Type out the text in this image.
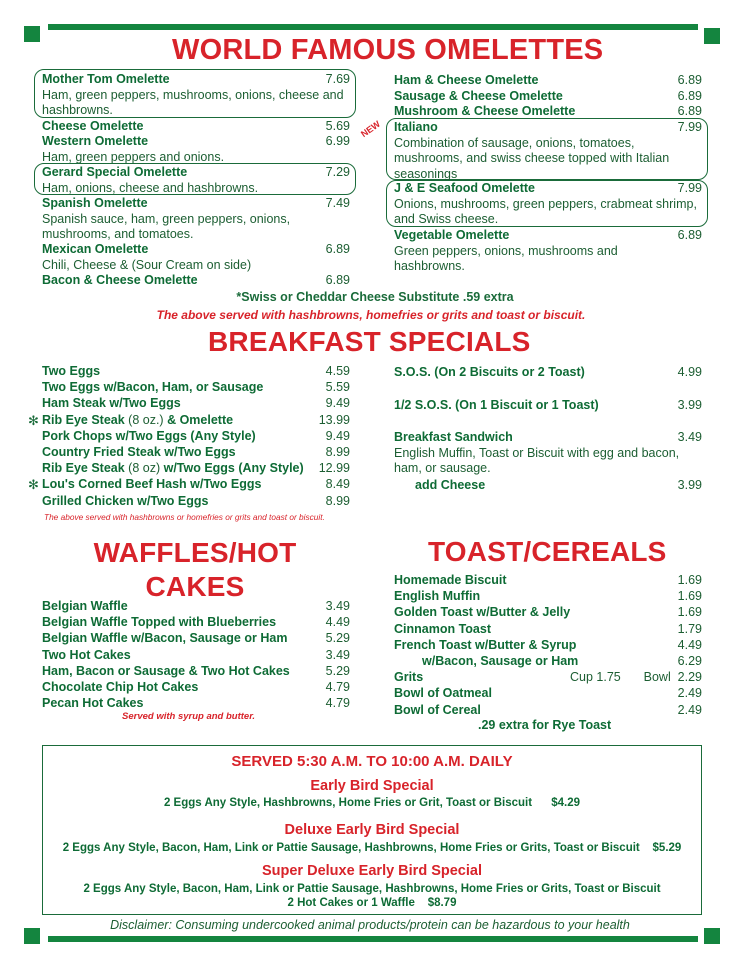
WORLD FAMOUS OMELETTES
Mother Tom Omelette	7.69
Ham, green peppers, mushrooms, onions, cheese and hashbrowns.
Cheese Omelette	5.69
Western Omelette	6.99
Ham, green peppers and onions.
Gerard Special Omelette	7.29
Ham, onions, cheese and hashbrowns.
Spanish Omelette	7.49
Spanish sauce, ham, green peppers, onions, mushrooms, and tomatoes.
Mexican Omelette	6.89
Chili, Cheese & (Sour Cream on side)
Bacon & Cheese Omelette	6.89
Ham & Cheese Omelette	6.89
Sausage & Cheese Omelette	6.89
Mushroom & Cheese Omelette	6.89
NEW Italiano	7.99
Combination of sausage, onions, tomatoes, mushrooms, and swiss cheese topped with Italian seasonings
J & E Seafood Omelette	7.99
Onions, mushrooms, green peppers, crabmeat shrimp, and Swiss cheese.
Vegetable Omelette	6.89
Green peppers, onions, mushrooms and hashbrowns.
*Swiss or Cheddar Cheese Substitute .59 extra
The above served with hashbrowns, homefries or grits and toast or biscuit.
BREAKFAST SPECIALS
Two Eggs	4.59
Two Eggs w/Bacon, Ham, or Sausage	5.59
Ham Steak w/Two Eggs	9.49
✻ Rib Eye Steak (8 oz.) & Omelette	13.99
Pork Chops w/Two Eggs (Any Style)	9.49
Country Fried Steak w/Two Eggs	8.99
Rib Eye Steak (8 oz) w/Two Eggs (Any Style) 12.99
✻ Lou's Corned Beef Hash w/Two Eggs	8.49
Grilled Chicken w/Two Eggs	8.99
S.O.S. (On 2 Biscuits or 2 Toast)	4.99
1/2 S.O.S. (On 1 Biscuit or 1 Toast)	3.99
Breakfast Sandwich	3.49
English Muffin, Toast or Biscuit with egg and bacon, ham, or sausage.
add Cheese	3.99
The above served with hashbrowns or homefries or grits and toast or biscuit.
WAFFLES/HOT
CAKES
Belgian Waffle	3.49
Belgian Waffle Topped with Blueberries	4.49
Belgian Waffle w/Bacon, Sausage or Ham	5.29
Two Hot Cakes	3.49
Ham, Bacon or Sausage & Two Hot Cakes	5.29
Chocolate Chip Hot Cakes	4.79
Pecan Hot Cakes	4.79
Served with syrup and butter.
TOAST/CEREALS
Homemade Biscuit	1.69
English Muffin	1.69
Golden Toast w/Butter & Jelly	1.69
Cinnamon Toast	1.79
French Toast w/Butter & Syrup	4.49
w/Bacon, Sausage or Ham	6.29
Grits	Cup 1.75 Bowl  2.29
Bowl of Oatmeal	2.49
Bowl of Cereal	2.49
.29 extra for Rye Toast
SERVED 5:30 A.M. TO 10:00 A.M. DAILY
Early Bird Special
2 Eggs Any Style, Hashbrowns, Home Fries or Grit, Toast or Biscuit $4.29
Deluxe Early Bird Special
2 Eggs Any Style, Bacon, Ham, Link or Pattie Sausage, Hashbrowns, Home Fries or Grits, Toast or Biscuit $5.29
Super Deluxe Early Bird Special
2 Eggs Any Style, Bacon, Ham, Link or Pattie Sausage, Hashbrowns, Home Fries or Grits, Toast or Biscuit
2 Hot Cakes or 1 Waffle $8.79
Disclaimer: Consuming undercooked animal products/protein can be hazardous to your health
